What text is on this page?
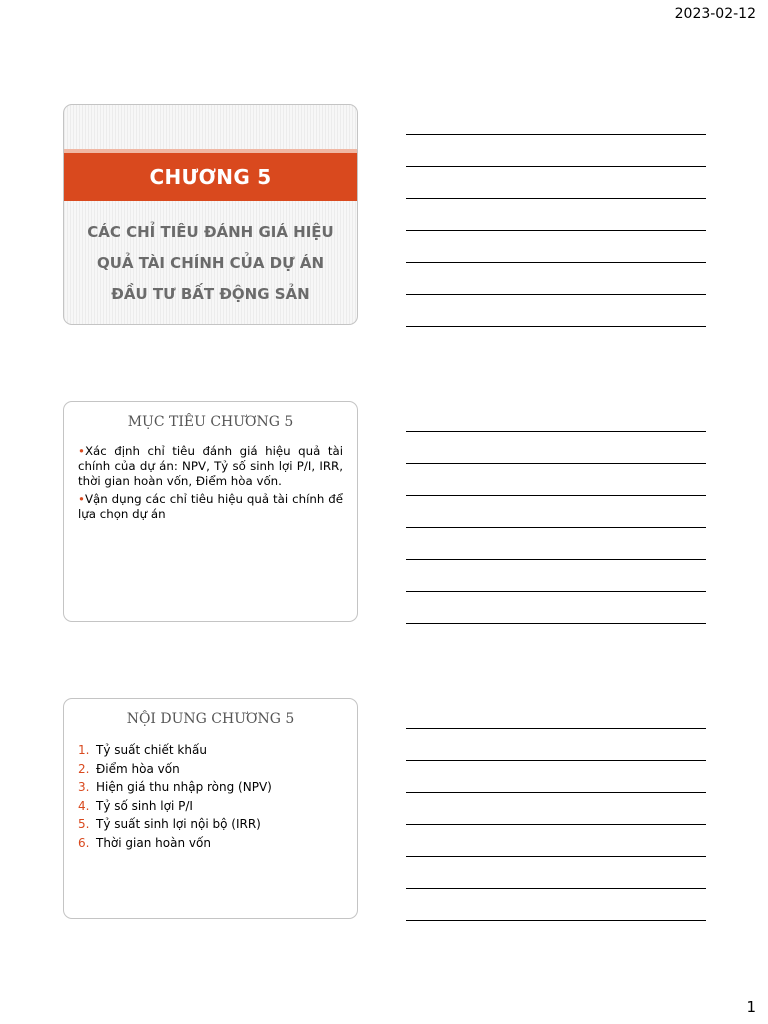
2023-02-12
CHƯƠNG 5
CÁC CHỈ TIÊU ĐÁNH GIÁ HIỆU
QUẢ TÀI CHÍNH CỦA DỰ ÁN
ĐẦU TƯ BẤT ĐỘNG SẢN
MỤC TIÊU CHƯƠNG 5
•Xác định chỉ tiêu đánh giá hiệu quả tài chính của dự án: NPV, Tỷ số sinh lợi P/I, IRR, thời gian hoàn vốn, Điểm hòa vốn.
•Vận dụng các chỉ tiêu hiệu quả tài chính để lựa chọn dự án
NỘI DUNG CHƯƠNG 5
1. Tỷ suất chiết khấu
2. Điểm hòa vốn
3. Hiện giá thu nhập ròng (NPV)
4. Tỷ số sinh lợi P/I
5. Tỷ suất sinh lợi nội bộ (IRR)
6. Thời gian hoàn vốn
1
